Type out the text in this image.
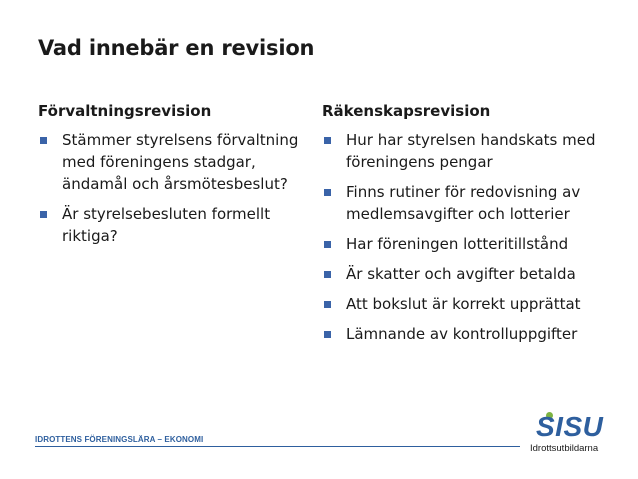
Vad innebär en revision
Förvaltningsrevision
Stämmer styrelsens förvaltning med föreningens stadgar, ändamål och årsmötesbeslut?
Är styrelsebesluten formellt riktiga?
Räkenskapsrevision
Hur har styrelsen handskats med föreningens pengar
Finns rutiner för redovisning av medlemsavgifter och lotterier
Har föreningen lotteritillstånd
Är skatter och avgifter betalda
Att bokslut är korrekt upprättat
Lämnande av kontrolluppgifter
IDROTTENS FÖRENINGSLÄRA – EKONOMI	SISU
Idrottsutbildarna
